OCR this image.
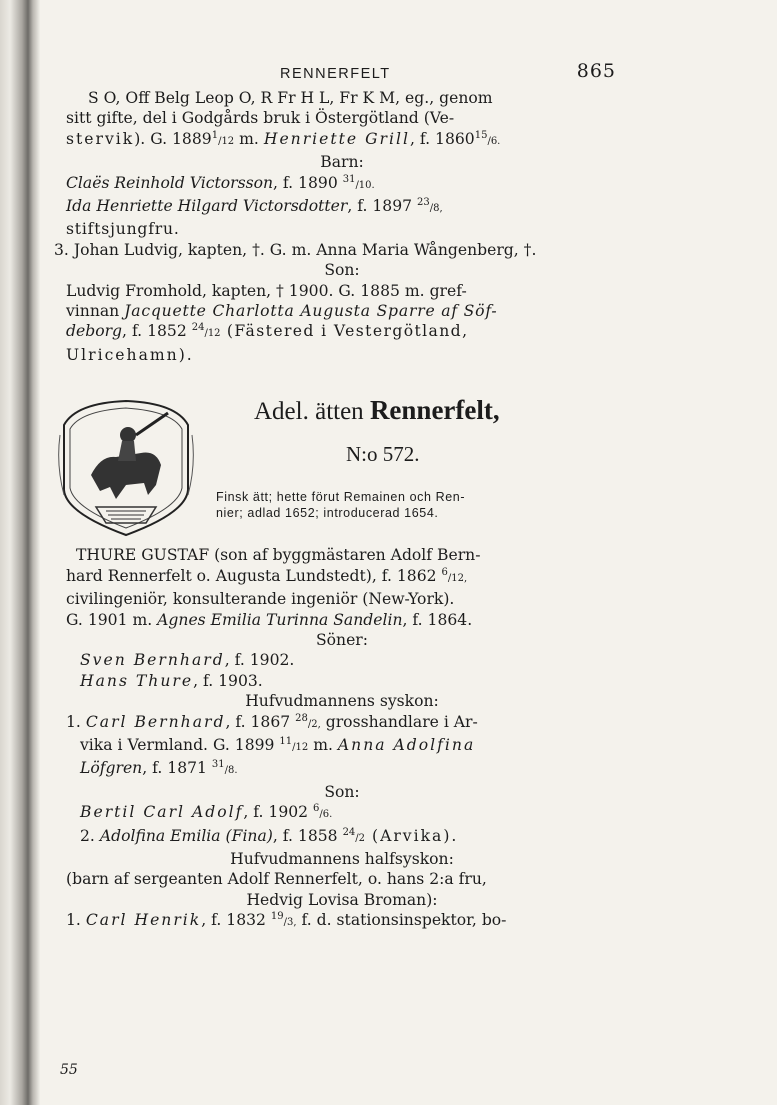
RENNERFELT	865

S O, Off Belg Leop O, R Fr H L, Fr K M, eg., genom

sitt gifte, del i Godgårds bruk i Östergötland (Ve-

stervik). G. 1889$^1$/12 m. Henriette Grill, f. 1860$^{15}$/6.

Barn:

Claës Reinhold Victorsson, f. 1890 $^{31}$/10.

Ida Henriette Hilgard Victorsdotter, f. 1897 $^{23}$/8,

stiftsjungfru.

3. Johan Ludvig, kapten, †. G. m. Anna Maria Wångenberg, †.

Son:

Ludvig Fromhold, kapten, † 1900. G. 1885 m. gref-

vinnan Jacquette Charlotta Augusta Sparre af Söf-

deborg, f. 1852 $^{24}$/12 (Fästered i Vestergötland,

Ulricehamn).

Adel. ätten Rennerfelt,
N:o 572.
Finsk ätt; hette förut Remainen och Ren-
nier; adlad 1652; introducerad 1654.

THURE GUSTAF (son af byggmästaren Adolf Bern-

hard Rennerfelt o. Augusta Lundstedt), f. 1862 $^6$/12,

civilingeniör, konsulterande ingeniör (New-York).

G. 1901 m. Agnes Emilia Turinna Sandelin, f. 1864.

Söner:

Sven Bernhard, f. 1902.

Hans Thure, f. 1903.

Hufvudmannens syskon:

1. Carl Bernhard, f. 1867 $^{28}$/2, grosshandlare i Ar-

vika i Vermland. G. 1899 $^{11}$/12 m. Anna Adolfina

Löfgren, f. 1871 $^{31}$/8.

Son:

Bertil Carl Adolf, f. 1902 $^6$/6.

2. Adolfina Emilia (Fina), f. 1858 $^{24}$/2 (Arvika).

Hufvudmannens halfsyskon:

(barn af sergeanten Adolf Rennerfelt, o. hans 2:a fru,

Hedvig Lovisa Broman):

1. Carl Henrik, f. 1832 $^{19}$/3, f. d. stationsinspektor, bo-

55
